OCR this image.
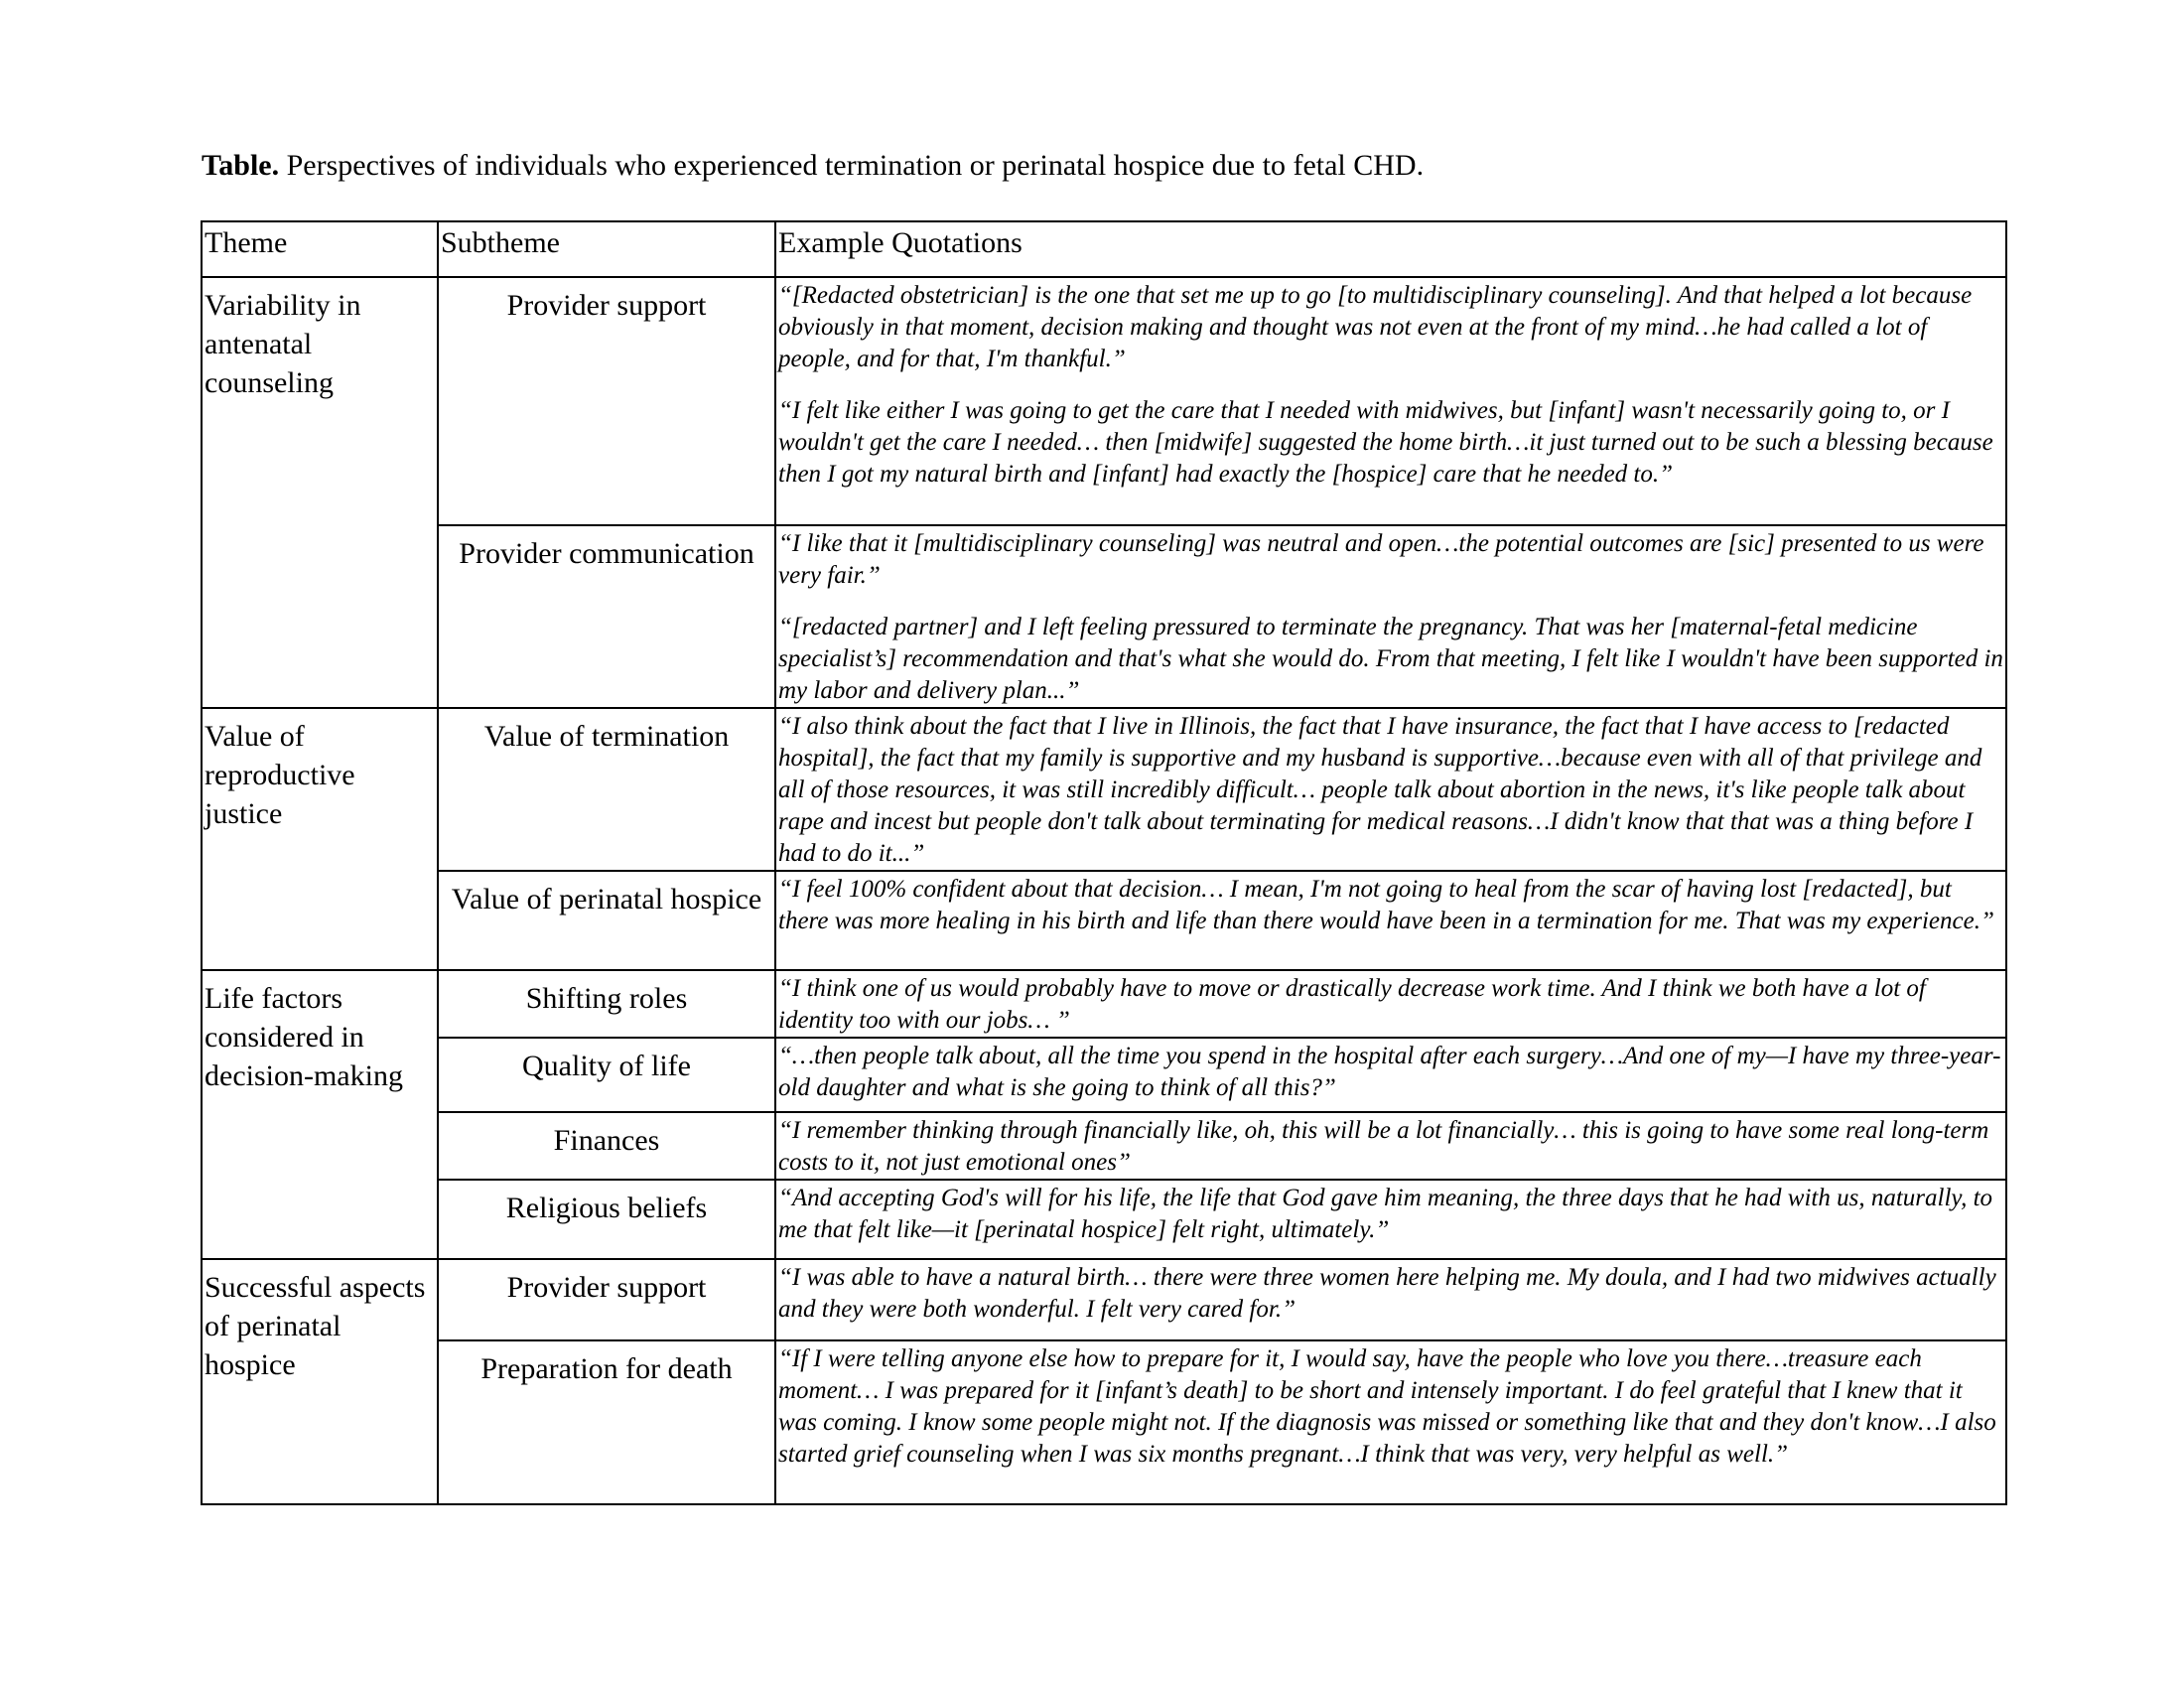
Table. Perspectives of individuals who experienced termination or perinatal hospice due to fetal CHD.
Theme	Subtheme	Example Quotations
Variability in antenatal counseling	Provider support	“[Redacted obstetrician] is the one that set me up to go [to multidisciplinary counseling]. And that helped a lot because obviously in that moment, decision making and thought was not even at the front of my mind…he had called a lot of people, and for that, I'm thankful.”

“I felt like either I was going to get the care that I needed with midwives, but [infant] wasn't necessarily going to, or I wouldn't get the care I needed… then [midwife] suggested the home birth…it just turned out to be such a blessing because then I got my natural birth and [infant] had exactly the [hospice] care that he needed to.”

	Provider communication	“I like that it [multidisciplinary counseling] was neutral and open…the potential outcomes are [sic] presented to us were very fair.”

“[redacted partner] and I left feeling pressured to terminate the pregnancy. That was her [maternal-fetal medicine specialist’s] recommendation and that's what she would do. From that meeting, I felt like I wouldn't have been supported in my labor and delivery plan...”

Value of reproductive justice	Value of termination	“I also think about the fact that I live in Illinois, the fact that I have insurance, the fact that I have access to [redacted hospital], the fact that my family is supportive and my husband is supportive…because even with all of that privilege and all of those resources, it was still incredibly difficult… people talk about abortion in the news, it's like people talk about rape and incest but people don't talk about terminating for medical reasons…I didn't know that that was a thing before I had to do it...”

	Value of perinatal hospice	“I feel 100% confident about that decision… I mean, I'm not going to heal from the scar of having lost [redacted], but there was more healing in his birth and life than there would have been in a termination for me. That was my experience.”

Life factors considered in decision-making	Shifting roles	“I think one of us would probably have to move or drastically decrease work time. And I think we both have a lot of identity too with our jobs… ”

	Quality of life	“…then people talk about, all the time you spend in the hospital after each surgery…And one of my—I have my three-year-old daughter and what is she going to think of all this?”

	Finances	“I remember thinking through financially like, oh, this will be a lot financially… this is going to have some real long-term costs to it, not just emotional ones”

	Religious beliefs	“And accepting God's will for his life, the life that God gave him meaning, the three days that he had with us, naturally, to me that felt like—it [perinatal hospice] felt right, ultimately.”

Successful aspects of perinatal hospice	Provider support	“I was able to have a natural birth… there were three women here helping me. My doula, and I had two midwives actually and they were both wonderful. I felt very cared for.”

	Preparation for death	“If I were telling anyone else how to prepare for it, I would say, have the people who love you there…treasure each moment… I was prepared for it [infant’s death] to be short and intensely important. I do feel grateful that I knew that it was coming. I know some people might not. If the diagnosis was missed or something like that and they don't know…I also started grief counseling when I was six months pregnant…I think that was very, very helpful as well.”
